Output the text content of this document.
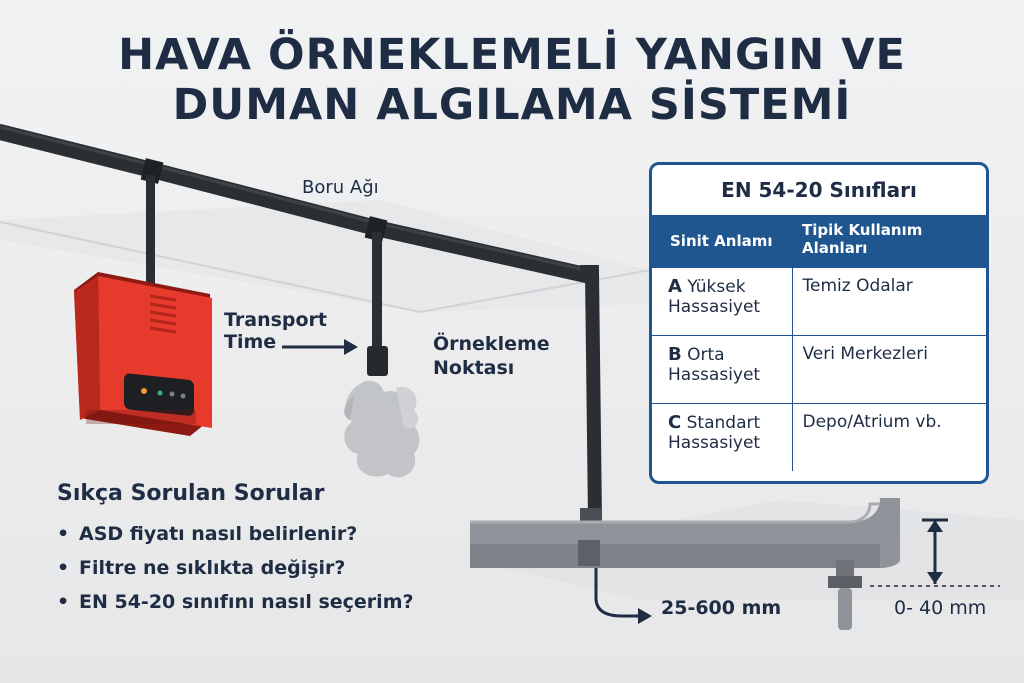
HAVA ÖRNEKLEMELİ YANGIN VE
DUMAN ALGILAMA SİSTEMİ
Boru Ağı
Transport
Time	Örnekleme
Noktası
25-600 mm	0- 40 mm
Sıkça Sorulan Sorular
• ASD fiyatı nasıl belirlenir?
• Filtre ne sıklıkta değişir?
• EN 54-20 sınıfını nasıl seçerim?
EN 54-20 Sınıfları
Sinit Anlamı	Tipik Kullanım Alanları
A Yüksek
Hassasiyet	Temiz Odalar
B Orta
Hassasiyet	Veri Merkezleri
C Standart
Hassasiyet	Depo/Atrium vb.
